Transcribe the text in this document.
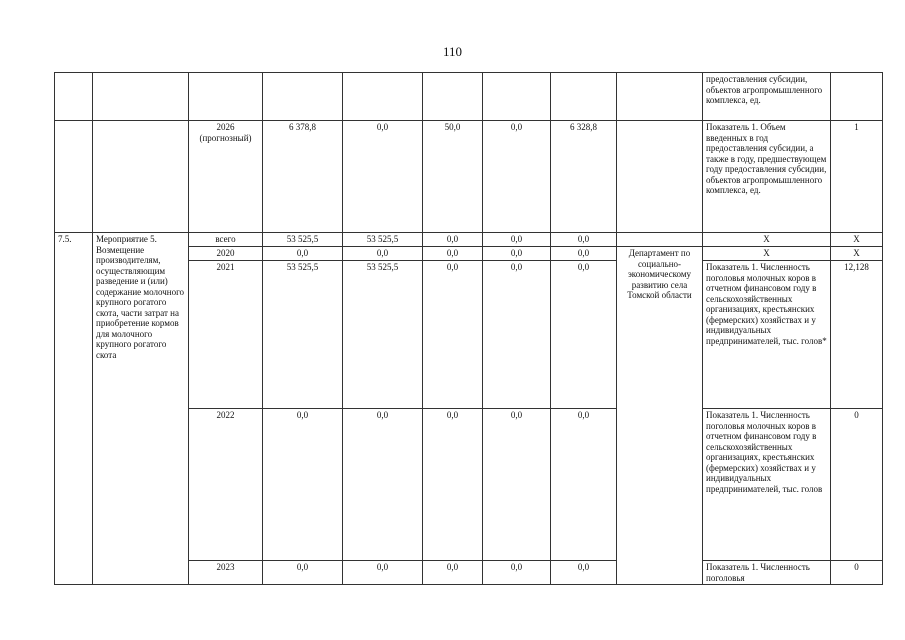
110
									предоставления субсидии, объектов агропромышленного комплекса, ед.	
		2026 (прогнозный)	6 378,8	0,0	50,0	0,0	6 328,8		Показатель 1. Объем введенных в год предоставления субсидии, а также в году, предшествующем году предоставления субсидии, объектов агропромышленного комплекса, ед.	1
7.5.	Мероприятие 5. Возмещение производителям, осуществляющим разведение и (или) содержание молочного крупного рогатого скота, части затрат на приобретение кормов для молочного крупного рогатого скота	всего	53 525,5	53 525,5	0,0	0,0	0,0		X	X
		2020	0,0	0,0	0,0	0,0	0,0	Департамент по социально-экономическому развитию села Томской области	X	X
		2021	53 525,5	53 525,5	0,0	0,0	0,0		Показатель 1. Численность поголовья молочных коров в отчетном финансовом году в сельскохозяйственных организациях, крестьянских (фермерских) хозяйствах и у индивидуальных предпринимателей, тыс. голов*	12,128
		2022	0,0	0,0	0,0	0,0	0,0		Показатель 1. Численность поголовья молочных коров в отчетном финансовом году в сельскохозяйственных организациях, крестьянских (фермерских) хозяйствах и у индивидуальных предпринимателей, тыс. голов	0
		2023	0,0	0,0	0,0	0,0	0,0		Показатель 1. Численность поголовья	0
